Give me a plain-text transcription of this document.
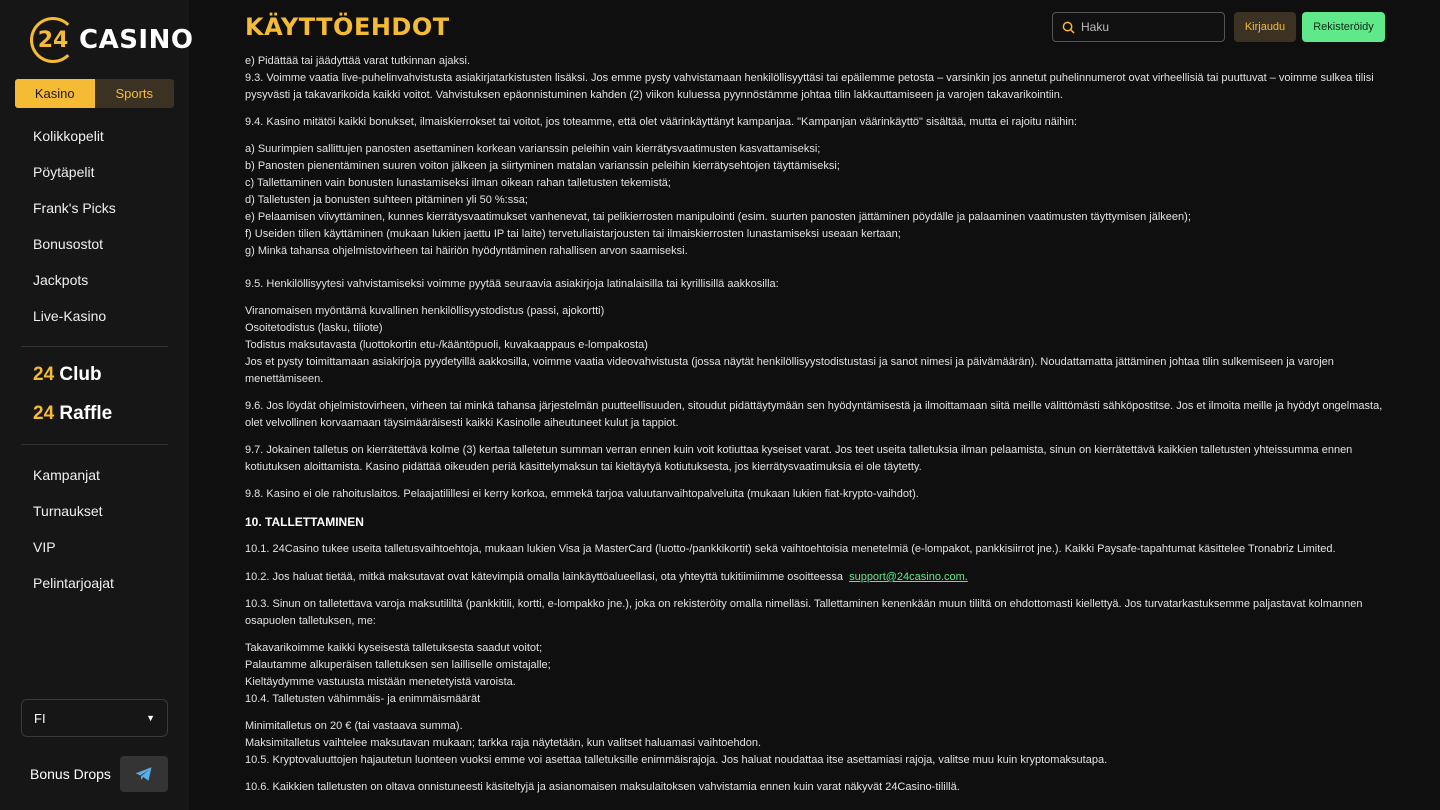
24 CASINO
Kasino	Sports
Kolikkopelit
Pöytäpelit
Frank's Picks
Bonusostot
Jackpots
Live-Kasino
24 Club
24 Raffle
Kampanjat
Turnaukset
VIP
Pelintarjoajat
FI	▼
Bonus Drops
KÄYTTÖEHDOT
Haku	Kirjaudu	Rekisteröidy

e) Pidättää tai jäädyttää varat tutkinnan ajaksi.

9.3. Voimme vaatia live-puhelinvahvistusta asiakirjatarkistusten lisäksi. Jos emme pysty vahvistamaan henkilöllisyyttäsi tai epäilemme petosta – varsinkin jos annetut puhelinnumerot ovat virheellisiä tai puuttuvat – voimme sulkea tilisi pysyvästi ja takavarikoida kaikki voitot. Vahvistuksen epäonnistuminen kahden (2) viikon kuluessa pyynnöstämme johtaa tilin lakkauttamiseen ja varojen takavarikointiin.

9.4. Kasino mitätöi kaikki bonukset, ilmaiskierrokset tai voitot, jos toteamme, että olet väärinkäyttänyt kampanjaa. "Kampanjan väärinkäyttö" sisältää, mutta ei rajoitu näihin:

a) Suurimpien sallittujen panosten asettaminen korkean varianssin peleihin vain kierrätysvaatimusten kasvattamiseksi;

b) Panosten pienentäminen suuren voiton jälkeen ja siirtyminen matalan varianssin peleihin kierrätysehtojen täyttämiseksi;

c) Tallettaminen vain bonusten lunastamiseksi ilman oikean rahan talletusten tekemistä;

d) Talletusten ja bonusten suhteen pitäminen yli 50 %:ssa;

e) Pelaamisen viivyttäminen, kunnes kierrätysvaatimukset vanhenevat, tai pelikierrosten manipulointi (esim. suurten panosten jättäminen pöydälle ja palaaminen vaatimusten täyttymisen jälkeen);

f) Useiden tilien käyttäminen (mukaan lukien jaettu IP tai laite) tervetuliaistarjousten tai ilmaiskierrosten lunastamiseksi useaan kertaan;

g) Minkä tahansa ohjelmistovirheen tai häiriön hyödyntäminen rahallisen arvon saamiseksi.

9.5. Henkilöllisyytesi vahvistamiseksi voimme pyytää seuraavia asiakirjoja latinalaisilla tai kyrillisillä aakkosilla:

Viranomaisen myöntämä kuvallinen henkilöllisyystodistus (passi, ajokortti)

Osoitetodistus (lasku, tiliote)

Todistus maksutavasta (luottokortin etu-/kääntöpuoli, kuvakaappaus e-lompakosta)

Jos et pysty toimittamaan asiakirjoja pyydetyillä aakkosilla, voimme vaatia videovahvistusta (jossa näytät henkilöllisyystodistustasi ja sanot nimesi ja päivämäärän). Noudattamatta jättäminen johtaa tilin sulkemiseen ja varojen menettämiseen.

9.6. Jos löydät ohjelmistovirheen, virheen tai minkä tahansa järjestelmän puutteellisuuden, sitoudut pidättäytymään sen hyödyntämisestä ja ilmoittamaan siitä meille välittömästi sähköpostitse. Jos et ilmoita meille ja hyödyt ongelmasta, olet velvollinen korvaamaan täysimääräisesti kaikki Kasinolle aiheutuneet kulut ja tappiot.
9.7. Jokainen talletus on kierrätettävä kolme (3) kertaa talletetun summan verran ennen kuin voit kotiuttaa kyseiset varat. Jos teet useita talletuksia ilman pelaamista, sinun on kierrätettävä kaikkien talletusten yhteissumma ennen kotiutuksen aloittamista. Kasino pidättää oikeuden periä käsittelymaksun tai kieltäytyä kotiutuksesta, jos kierrätysvaatimuksia ei ole täytetty.
9.8. Kasino ei ole rahoituslaitos. Pelaajatilillesi ei kerry korkoa, emmekä tarjoa valuutanvaihtopalveluita (mukaan lukien fiat-krypto-vaihdot).
10. TALLETTAMINEN
10.1. 24Casino tukee useita talletusvaihtoehtoja, mukaan lukien Visa ja MasterCard (luotto-/pankkikortit) sekä vaihtoehtoisia menetelmiä (e-lompakot, pankkisiirrot jne.). Kaikki Paysafe-tapahtumat käsittelee Tronabriz Limited.
10.2. Jos haluat tietää, mitkä maksutavat ovat kätevimpiä omalla lainkäyttöalueellasi, ota yhteyttä tukitiimiimme osoitteessa support@24casino.com.
10.3. Sinun on talletettava varoja maksutililtä (pankkitili, kortti, e-lompakko jne.), joka on rekisteröity omalla nimelläsi. Tallettaminen kenenkään muun tililtä on ehdottomasti kiellettyä. Jos turvatarkastuksemme paljastavat kolmannen osapuolen talletuksen, me:

Takavarikoimme kaikki kyseisestä talletuksesta saadut voitot;

Palautamme alkuperäisen talletuksen sen lailliselle omistajalle;

Kieltäydymme vastuusta mistään menetetyistä varoista.

10.4. Talletusten vähimmäis- ja enimmäismäärät

Minimitalletus on 20 € (tai vastaava summa).

Maksimitalletus vaihtelee maksutavan mukaan; tarkka raja näytetään, kun valitset haluamasi vaihtoehdon.

10.5. Kryptovaluuttojen hajautetun luonteen vuoksi emme voi asettaa talletuksille enimmäisrajoja. Jos haluat noudattaa itse asettamiasi rajoja, valitse muu kuin kryptomaksutapa.

10.6. Kaikkien talletusten on oltava onnistuneesti käsiteltyjä ja asianomaisen maksulaitoksen vahvistamia ennen kuin varat näkyvät 24Casino-tilillä.
